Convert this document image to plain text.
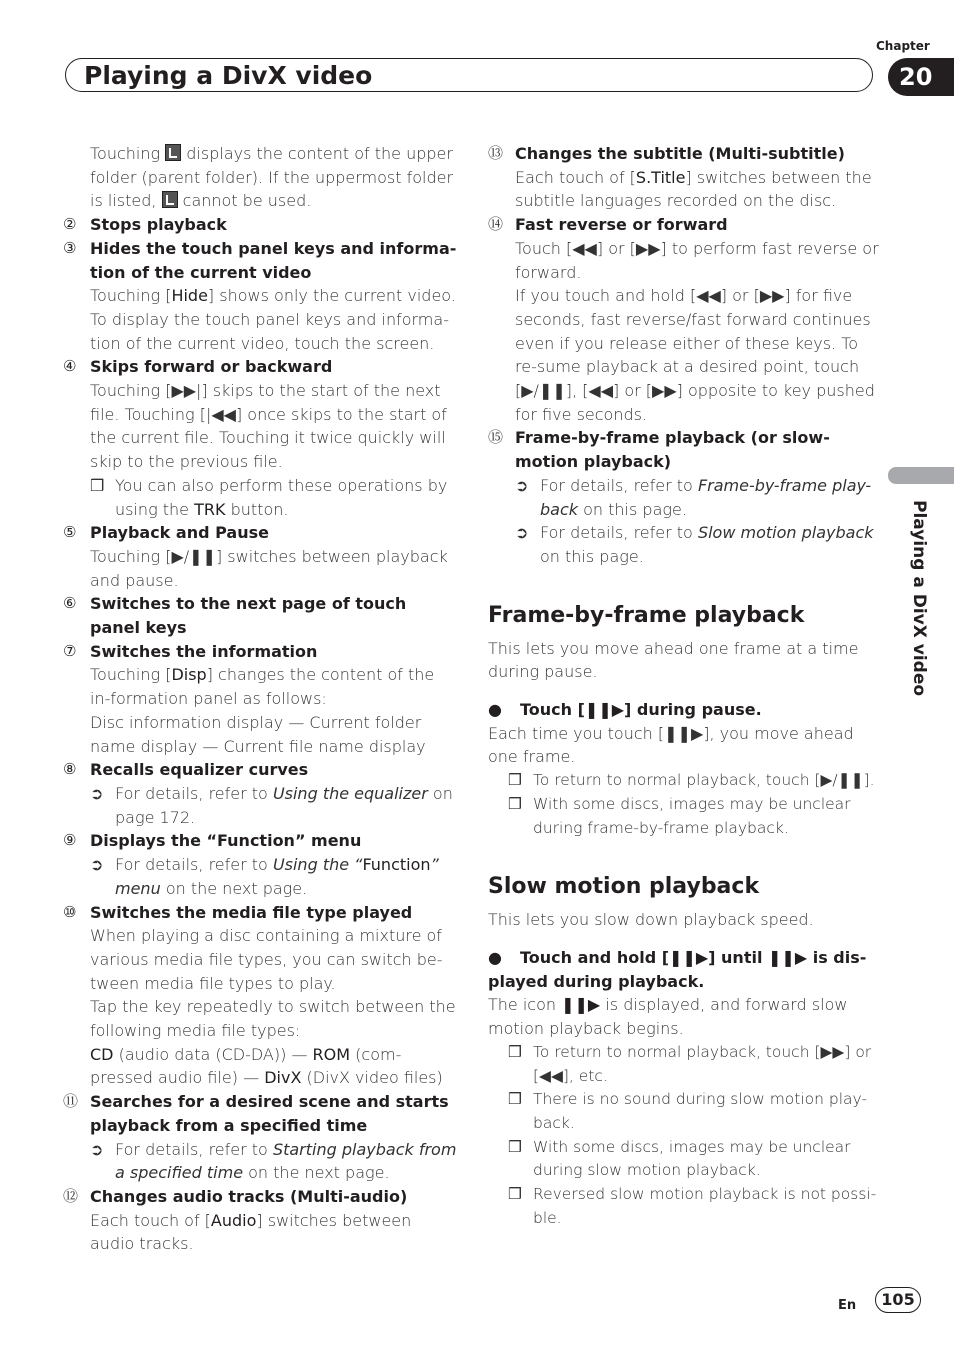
Chapter
Playing a DivX video	20
Playing a DivX video

Touching displays the content of the upper folder (parent folder). If the uppermost folder is listed, cannot be used.

② Stops playback

③ Hides the touch panel keys and informa-tion of the current video

Touching [Hide] shows only the current video. To display the touch panel keys and informa-tion of the current video, touch the screen.

④ Skips forward or backward

Touching [▶▶|] skips to the start of the next file. Touching [|◀◀] once skips to the start of the current file. Touching it twice quickly will skip to the previous file.

❒ You can also perform these operations by using the TRK button.

⑤ Playback and Pause

Touching [▶/❚❚] switches between playback and pause.

⑥ Switches to the next page of touch panel keys

⑦ Switches the information

Touching [Disp] changes the content of the in-formation panel as follows:

Disc information display — Current folder name display — Current file name display

⑧ Recalls equalizer curves

➲ For details, refer to Using the equalizer on page 172.

⑨ Displays the “Function” menu

➲ For details, refer to Using the “Function” menu on the next page.

⑩ Switches the media file type played

When playing a disc containing a mixture of various media file types, you can switch be-tween media file types to play.

Tap the key repeatedly to switch between the following media file types:

CD (audio data (CD-DA)) — ROM (com-pressed audio file) — DivX (DivX video files)

⑪ Searches for a desired scene and starts playback from a specified time

➲ For details, refer to Starting playback from a specified time on the next page.

⑫ Changes audio tracks (Multi-audio)

Each touch of [Audio] switches between audio tracks.

⑬ Changes the subtitle (Multi-subtitle)

Each touch of [S.Title] switches between the subtitle languages recorded on the disc.

⑭ Fast reverse or forward

Touch [◀◀] or [▶▶] to perform fast reverse or forward.

If you touch and hold [◀◀] or [▶▶] for five seconds, fast reverse/fast forward continues even if you release either of these keys. To re-sume playback at a desired point, touch [▶/❚❚], [◀◀] or [▶▶] opposite to key pushed for five seconds.

⑮ Frame-by-frame playback (or slow-motion playback)

➲ For details, refer to Frame-by-frame play-back on this page.

➲ For details, refer to Slow motion playback on this page.

Frame-by-frame playback

This lets you move ahead one frame at a time during pause.

● Touch [❚❚▶] during pause.

Each time you touch [❚❚▶], you move ahead one frame.

❒ To return to normal playback, touch [▶/❚❚].

❒ With some discs, images may be unclear during frame-by-frame playback.

Slow motion playback

This lets you slow down playback speed.

● Touch and hold [❚❚▶] until ❚❚▶ is dis-played during playback.

The icon ❚❚▶ is displayed, and forward slow motion playback begins.

❒ To return to normal playback, touch [▶▶] or [◀◀], etc.

❒ There is no sound during slow motion play-back.

❒ With some discs, images may be unclear during slow motion playback.

❒ Reversed slow motion playback is not possi-ble.

En	105
